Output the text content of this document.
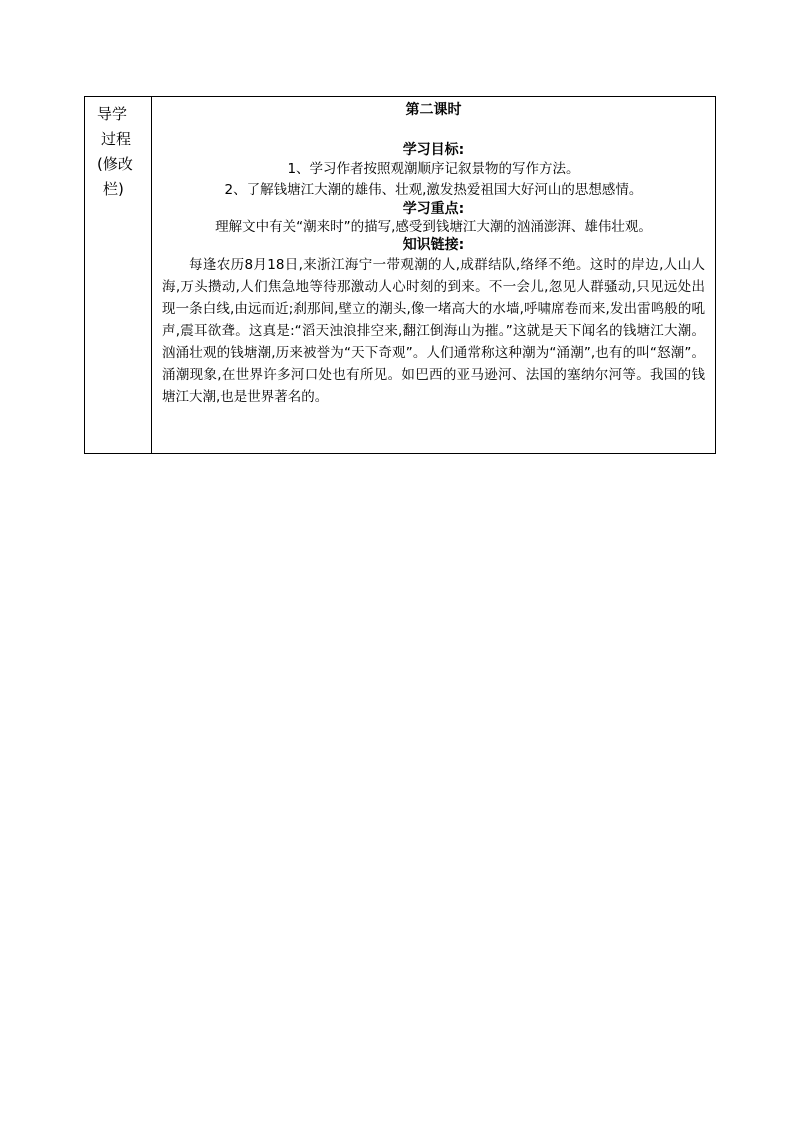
导学
过程
(修改
栏)

第二课时

学习目标:

1、学习作者按照观潮顺序记叙景物的写作方法。

2、了解钱塘江大潮的雄伟、壮观,激发热爱祖国大好河山的思想感情。

学习重点:

理解文中有关“潮来时”的描写,感受到钱塘江大潮的汹涌澎湃、雄伟壮观。

知识链接:

每逢农历8月18日,来浙江海宁一带观潮的人,成群结队,络绎不绝。这时的岸边,人山人海,万头攒动,人们焦急地等待那激动人心时刻的到来。不一会儿,忽见人群骚动,只见远处出现一条白线,由远而近;刹那间,壁立的潮头,像一堵高大的水墙,呼啸席卷而来,发出雷鸣般的吼声,震耳欲聋。这真是:“滔天浊浪排空来,翻江倒海山为摧。”这就是天下闻名的钱塘江大潮。汹涌壮观的钱塘潮,历来被誉为“天下奇观”。人们通常称这种潮为“涌潮”,也有的叫“怒潮”。涌潮现象,在世界许多河口处也有所见。如巴西的亚马逊河、法国的塞纳尔河等。我国的钱塘江大潮,也是世界著名的。
